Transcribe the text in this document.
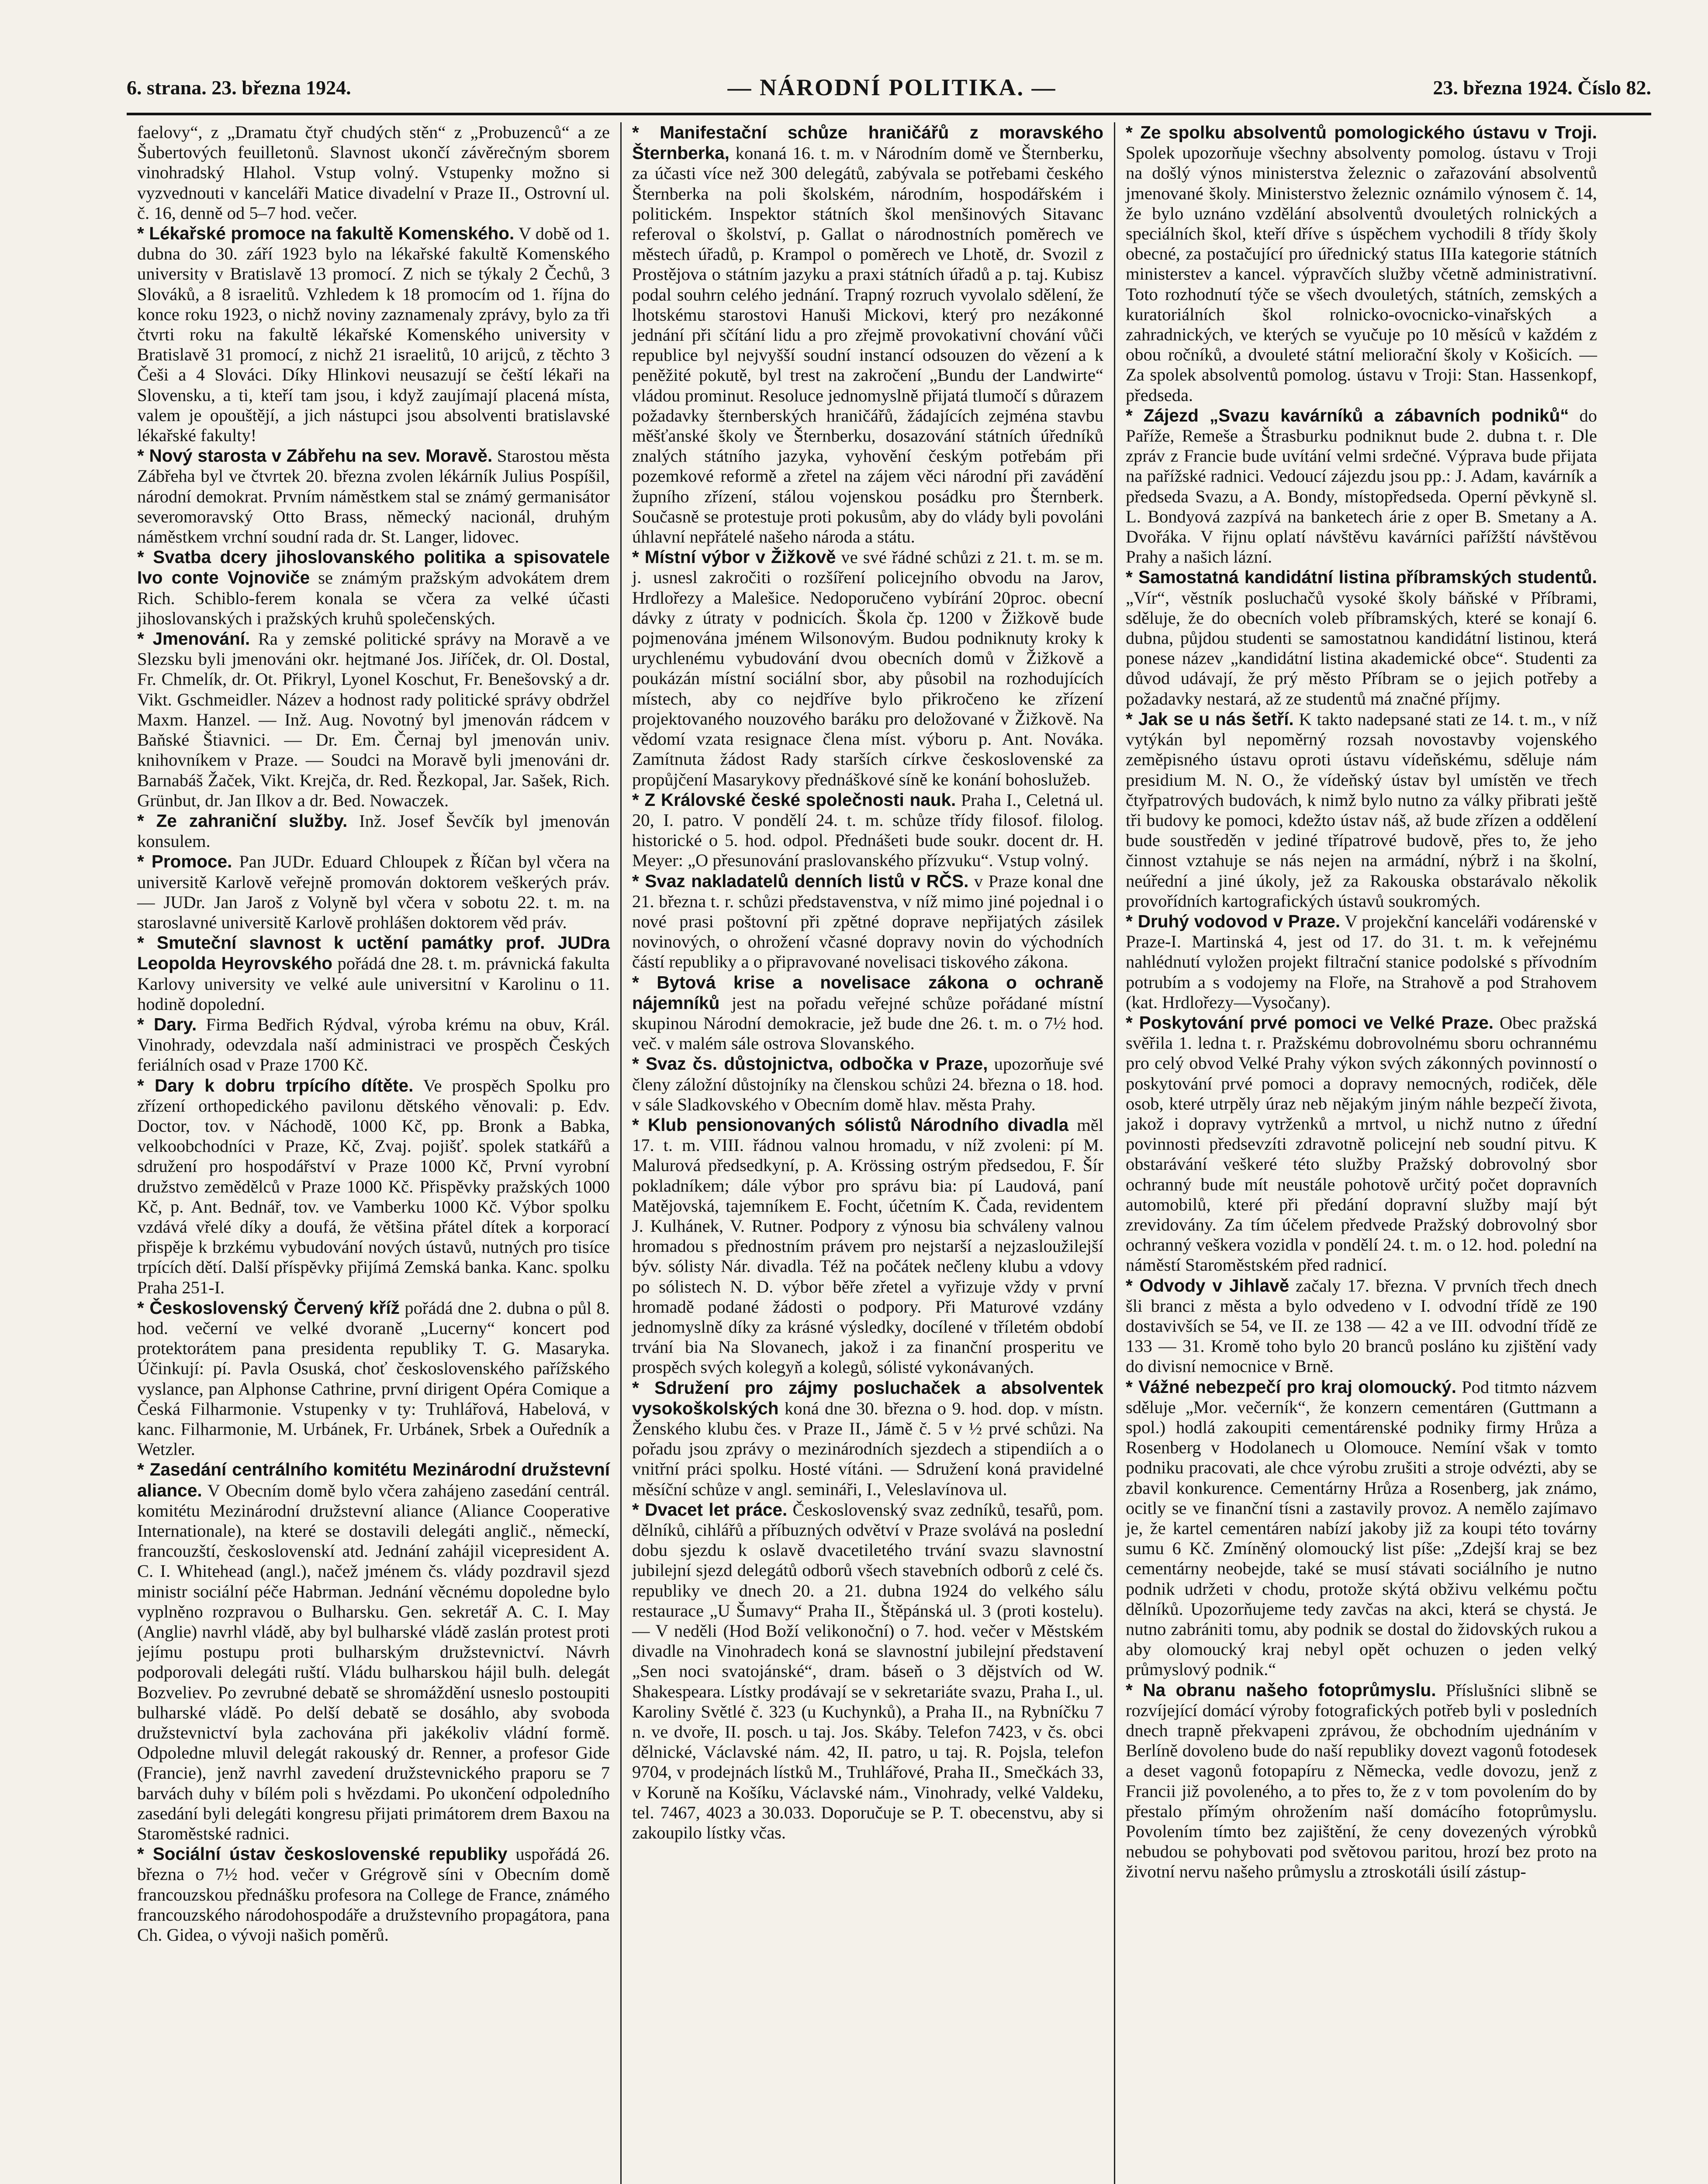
6. strana. 23. března 1924.	— NÁRODNÍ POLITIKA. —	23. března 1924. Číslo 82.

faelovy“, z „Dramatu čtyř chudých stěn“ z „Probuzenců“ a ze Šubertových feuilletonů. Slavnost ukončí závěrečným sborem vinohradský Hlahol. Vstup volný. Vstupenky možno si vyzvednouti v kanceláři Matice divadelní v Praze II., Ostrovní ul. č. 16, denně od 5–7 hod. večer.

* Lékařské promoce na fakultě Komenského. V době od 1. dubna do 30. září 1923 bylo na lékařské fakultě Komenského university v Bratislavě 13 promocí. Z nich se týkaly 2 Čechů, 3 Slováků, a 8 israelitů. Vzhledem k 18 promocím od 1. října do konce roku 1923, o nichž noviny zaznamenaly zprávy, bylo za tři čtvrti roku na fakultě lékařské Komenského university v Bratislavě 31 promocí, z nichž 21 israelitů, 10 arijců, z těchto 3 Češi a 4 Slováci. Díky Hlinkovi neusazují se čeští lékaři na Slovensku, a ti, kteří tam jsou, i když zaujímají placená místa, valem je opouštějí, a jich nástupci jsou absolventi bratislavské lékařské fakulty!

* Nový starosta v Zábřehu na sev. Moravě. Starostou města Zábřeha byl ve čtvrtek 20. března zvolen lékárník Julius Pospíšil, národní demokrat. Prvním náměstkem stal se známý germanisátor severomoravský Otto Brass, německý nacionál, druhým náměstkem vrchní soudní rada dr. St. Langer, lidovec.

* Svatba dcery jihoslovanského politika a spisovatele Ivo conte Vojnoviče se známým pražským advokátem drem Rich. Schiblo-ferem konala se včera za velké účasti jihoslovanských i pražských kruhů společenských.

* Jmenování. Ra y zemské politické správy na Moravě a ve Slezsku byli jmenováni okr. hejtmané Jos. Jiříček, dr. Ol. Dostal, Fr. Chmelík, dr. Ot. Přikryl, Lyonel Koschut, Fr. Benešovský a dr. Vikt. Gschmeidler. Název a hodnost rady politické správy obdržel Maxm. Hanzel. — Inž. Aug. Novotný byl jmenován rádcem v Baňské Štiavnici. — Dr. Em. Černaj byl jmenován univ. knihovníkem v Praze. — Soudci na Moravě byli jmenováni dr. Barnabáš Žaček, Vikt. Krejča, dr. Red. Řezkopal, Jar. Sašek, Rich. Grünbut, dr. Jan Ilkov a dr. Bed. Nowaczek.

* Ze zahraniční služby. Inž. Josef Ševčík byl jmenován konsulem.

* Promoce. Pan JUDr. Eduard Chloupek z Říčan byl včera na universitě Karlově veřejně promován doktorem veškerých práv. — JUDr. Jan Jaroš z Volyně byl včera v sobotu 22. t. m. na staroslavné universitě Karlově prohlášen doktorem věd práv.

* Smuteční slavnost k uctění památky prof. JUDra Leopolda Heyrovského pořádá dne 28. t. m. právnická fakulta Karlovy university ve velké aule universitní v Karolinu o 11. hodině dopolední.

* Dary. Firma Bedřich Rýdval, výroba krému na obuv, Král. Vinohrady, odevzdala naší administraci ve prospěch Českých feriálních osad v Praze 1700 Kč.

* Dary k dobru trpícího dítěte. Ve prospěch Spolku pro zřízení orthopedického pavilonu dětského věnovali: p. Edv. Doctor, tov. v Náchodě, 1000 Kč, pp. Bronk a Babka, velkoobchodníci v Praze, Kč, Zvaj. pojišť. spolek statkářů a sdružení pro hospodářství v Praze 1000 Kč, První vyrobní družstvo zemědělců v Praze 1000 Kč. Přispěvky pražských 1000 Kč, p. Ant. Bednář, tov. ve Vamberku 1000 Kč. Výbor spolku vzdává vřelé díky a doufá, že většina přátel dítek a korporací přispěje k brzkému vybudování nových ústavů, nutných pro tisíce trpících dětí. Další příspěvky přijímá Zemská banka. Kanc. spolku Praha 251-I.

* Československý Červený kříž pořádá dne 2. dubna o půl 8. hod. večerní ve velké dvoraně „Lucerny“ koncert pod protektorátem pana presidenta republiky T. G. Masaryka. Účinkují: pí. Pavla Osuská, choť československého pařížského vyslance, pan Alphonse Cathrine, první dirigent Opéra Comique a Česká Filharmonie. Vstupenky v ty: Truhlářová, Habelová, v kanc. Filharmonie, M. Urbánek, Fr. Urbánek, Srbek a Ouředník a Wetzler.

* Zasedání centrálního komitétu Mezinárodní družstevní aliance. V Obecním domě bylo včera zahájeno zasedání centrál. komitétu Mezinárodní družstevní aliance (Aliance Cooperative Internationale), na které se dostavili delegáti anglič., německí, francouzští, československí atd. Jednání zahájil vicepresident A. C. I. Whitehead (angl.), načež jménem čs. vlády pozdravil sjezd ministr sociální péče Habrman. Jednání věcnému dopoledne bylo vyplněno rozpravou o Bulharsku. Gen. sekretář A. C. I. May (Anglie) navrhl vládě, aby byl bulharské vládě zaslán protest proti jejímu postupu proti bulharským družstevnictví. Návrh podporovali delegáti ruští. Vládu bulharskou hájil bulh. delegát Bozveliev. Po zevrubné debatě se shromáždění usneslo postoupiti bulharské vládě. Po delší debatě se dosáhlo, aby svoboda družstevnictví byla zachována při jakékoliv vládní formě. Odpoledne mluvil delegát rakouský dr. Renner, a profesor Gide (Francie), jenž navrhl zavedení družstevnického praporu se 7 barvách duhy v bílém poli s hvězdami. Po ukončení odpoledního zasedání byli delegáti kongresu přijati primátorem drem Baxou na Staroměstské radnici.

* Sociální ústav československé republiky uspořádá 26. března o 7½ hod. večer v Grégrově síni v Obecním domě francouzskou přednášku profesora na College de France, známého francouzského národohospodáře a družstevního propagátora, pana Ch. Gidea, o vývoji našich poměrů.

* Manifestační schůze hraničářů z moravského Šternberka, konaná 16. t. m. v Národním domě ve Šternberku, za účasti více než 300 delegátů, zabývala se potřebami českého Šternberka na poli školském, národním, hospodářském i politickém. Inspektor státních škol menšinových Sitavanc referoval o školství, p. Gallat o národnostních poměrech ve městech úřadů, p. Krampol o poměrech ve Lhotě, dr. Svozil z Prostějova o státním jazyku a praxi státních úřadů a p. taj. Kubisz podal souhrn celého jednání. Trapný rozruch vyvolalo sdělení, že lhotskému starostovi Hanuši Mickovi, který pro nezákonné jednání při sčítání lidu a pro zřejmě provokativní chování vůči republice byl nejvyšší soudní instancí odsouzen do vězení a k peněžité pokutě, byl trest na zakročení „Bundu der Landwirte“ vládou prominut. Resoluce jednomyslně přijatá tlumočí s důrazem požadavky šternberských hraničářů, žádajících zejména stavbu měšťanské školy ve Šternberku, dosazování státních úředníků znalých státního jazyka, vyhovění českým potřebám při pozemkové reformě a zřetel na zájem věci národní při zavádění župního zřízení, stálou vojenskou posádku pro Šternberk. Současně se protestuje proti pokusům, aby do vlády byli povoláni úhlavní nepřátelé našeho národa a státu.

* Místní výbor v Žižkově ve své řádné schůzi z 21. t. m. se m. j. usnesl zakročiti o rozšíření policejního obvodu na Jarov, Hrdlořezy a Malešice. Nedoporučeno vybírání 20proc. obecní dávky z útraty v podnicích. Škola čp. 1200 v Žižkově bude pojmenována jménem Wilsonovým. Budou podniknuty kroky k urychlenému vybudování dvou obecních domů v Žižkově a poukázán místní sociální sbor, aby působil na rozhodujících místech, aby co nejdříve bylo přikročeno ke zřízení projektovaného nouzového baráku pro deložované v Žižkově. Na vědomí vzata resignace člena míst. výboru p. Ant. Nováka. Zamítnuta žádost Rady starších církve československé za propůjčení Masarykovy přednáškové síně ke konání bohoslužeb.

* Z Královské české společnosti nauk. Praha I., Celetná ul. 20, I. patro. V pondělí 24. t. m. schůze třídy filosof. filolog. historické o 5. hod. odpol. Přednášeti bude soukr. docent dr. H. Meyer: „O přesunování praslovanského přízvuku“. Vstup volný.

* Svaz nakladatelů denních listů v RČS. v Praze konal dne 21. března t. r. schůzi představenstva, v níž mimo jiné pojednal i o nové prasi poštovní při zpětné doprave nepřijatých zásilek novinových, o ohrožení včasné dopravy novin do východních částí republiky a o připravované novelisaci tiskového zákona.

* Bytová krise a novelisace zákona o ochraně nájemníků jest na pořadu veřejné schůze pořádané místní skupinou Národní demokracie, jež bude dne 26. t. m. o 7½ hod. več. v malém sále ostrova Slovanského.

* Svaz čs. důstojnictva, odbočka v Praze, upozorňuje své členy záložní důstojníky na členskou schůzi 24. března o 18. hod. v sále Sladkovského v Obecním domě hlav. města Prahy.

* Klub pensionovaných sólistů Národního divadla měl 17. t. m. VIII. řádnou valnou hromadu, v níž zvoleni: pí M. Malurová předsedkyní, p. A. Krössing ostrým předsedou, F. Šír pokladníkem; dále výbor pro správu bia: pí Laudová, paní Matějovská, tajemníkem E. Focht, účetním K. Čada, revidentem J. Kulhánek, V. Rutner. Podpory z výnosu bia schváleny valnou hromadou s přednostním právem pro nejstarší a nejzasloužilejší býv. sólisty Nár. divadla. Též na počátek nečleny klubu a vdovy po sólistech N. D. výbor běře zřetel a vyřizuje vždy v první hromadě podané žádosti o podpory. Při Maturové vzdány jednomyslně díky za krásné výsledky, docílené v tříletém období trvání bia Na Slovanech, jakož i za finanční prosperitu ve prospěch svých kolegyň a kolegů, sólisté vykonávaných.

* Sdružení pro zájmy posluchaček a absolventek vysokoškolských koná dne 30. března o 9. hod. dop. v místn. Ženského klubu čes. v Praze II., Jámě č. 5 v ½ prvé schůzi. Na pořadu jsou zprávy o mezinárodních sjezdech a stipendiích a o vnitřní práci spolku. Hosté vítáni. — Sdružení koná pravidelné měsíční schůze v angl. semináři, I., Veleslavínova ul.

* Dvacet let práce. Československý svaz zedníků, tesařů, pom. dělníků, cihlářů a příbuzných odvětví v Praze svolává na poslední dobu sjezdu k oslavě dvacetiletého trvání svazu slavnostní jubilejní sjezd delegátů odborů všech stavebních odborů z celé čs. republiky ve dnech 20. a 21. dubna 1924 do velkého sálu restaurace „U Šumavy“ Praha II., Štěpánská ul. 3 (proti kostelu). — V neděli (Hod Boží velikonoční) o 7. hod. večer v Městském divadle na Vinohradech koná se slavnostní jubilejní představení „Sen noci svatojánské“, dram. báseň o 3 dějstvích od W. Shakespeara. Lístky prodávají se v sekretariáte svazu, Praha I., ul. Karoliny Světlé č. 323 (u Kuchynků), a Praha II., na Rybníčku 7 n. ve dvoře, II. posch. u taj. Jos. Skáby. Telefon 7423, v čs. obci dělnické, Václavské nám. 42, II. patro, u taj. R. Pojsla, telefon 9704, v prodejnách lístků M., Truhlářové, Praha II., Smečkách 33, v Koruně na Košíku, Václavské nám., Vinohrady, velké Valdeku, tel. 7467, 4023 a 30.033. Doporučuje se P. T. obecenstvu, aby si zakoupilo lístky včas.

* Ze spolku absolventů pomologického ústavu v Troji. Spolek upozorňuje všechny absolventy pomolog. ústavu v Troji na došlý výnos ministerstva železnic o zařazování absolventů jmenované školy. Ministerstvo železnic oznámilo výnosem č. 14, že bylo uznáno vzdělání absolventů dvouletých rolnických a speciálních škol, kteří dříve s úspěchem vychodili 8 třídy školy obecné, za postačující pro úřednický status IIIa kategorie státních ministerstev a kancel. výpravčích služby včetně administrativní. Toto rozhodnutí týče se všech dvouletých, státních, zemských a kuratoriálních škol rolnicko-ovocnicko-vinařských a zahradnických, ve kterých se vyučuje po 10 měsíců v každém z obou ročníků, a dvouleté státní meliorační školy v Košicích. — Za spolek absolventů pomolog. ústavu v Troji: Stan. Hassenkopf, předseda.

* Zájezd „Svazu kavárníků a zábavních podniků“ do Paříže, Remeše a Štrasburku podniknut bude 2. dubna t. r. Dle zpráv z Francie bude uvítání velmi srdečné. Výprava bude přijata na pařížské radnici. Vedoucí zájezdu jsou pp.: J. Adam, kavárník a předseda Svazu, a A. Bondy, místopředseda. Operní pěvkyně sl. L. Bondyová zazpívá na banketech árie z oper B. Smetany a A. Dvořáka. V řijnu oplatí návštěvu kavárníci pařížští návštěvou Prahy a našich lázní.

* Samostatná kandidátní listina příbramských studentů. „Vír“, věstník posluchačů vysoké školy báňské v Příbrami, sděluje, že do obecních voleb příbramských, které se konají 6. dubna, půjdou studenti se samostatnou kandidátní listinou, která ponese název „kandidátní listina akademické obce“. Studenti za důvod udávají, že prý město Příbram se o jejich potřeby a požadavky nestará, až ze studentů má značné příjmy.

* Jak se u nás šetří. K takto nadepsané stati ze 14. t. m., v níž vytýkán byl nepoměrný rozsah novostavby vojenského zeměpisného ústavu oproti ústavu vídeňskému, sděluje nám presidium M. N. O., že vídeňský ústav byl umístěn ve třech čtyřpatrových budovách, k nimž bylo nutno za války přibrati ještě tři budovy ke pomoci, kdežto ústav náš, až bude zřízen a oddělení bude soustředěn v jediné třípatrové budově, přes to, že jeho činnost vztahuje se nás nejen na armádní, nýbrž i na školní, neúřední a jiné úkoly, jež za Rakouska obstarávalo několik provořídních kartografických ústavů soukromých.

* Druhý vodovod v Praze. V projekční kanceláři vodárenské v Praze-I. Martinská 4, jest od 17. do 31. t. m. k veřejnému nahlédnutí vyložen projekt filtrační stanice podolské s přívodním potrubím a s vodojemy na Floře, na Strahově a pod Strahovem (kat. Hrdlořezy—Vysočany).

* Poskytování prvé pomoci ve Velké Praze. Obec pražská svěřila 1. ledna t. r. Pražskému dobrovolnému sboru ochrannému pro celý obvod Velké Prahy výkon svých zákonných povinností o poskytování prvé pomoci a dopravy nemocných, rodiček, děle osob, které utrpěly úraz neb nějakým jiným náhle bezpečí života, jakož i dopravy vytrženků a mrtvol, u nichž nutno z úřední povinnosti předsevzíti zdravotně policejní neb soudní pitvu. K obstarávání veškeré této služby Pražský dobrovolný sbor ochranný bude mít neustále pohotově určitý počet dopravních automobilů, které při předání dopravní služby mají být zrevidovány. Za tím účelem předvede Pražský dobrovolný sbor ochranný veškera vozidla v pondělí 24. t. m. o 12. hod. polední na náměstí Staroměstském před radnicí.

* Odvody v Jihlavě začaly 17. března. V prvních třech dnech šli branci z města a bylo odvedeno v I. odvodní třídě ze 190 dostavivších se 54, ve II. ze 138 — 42 a ve III. odvodní třídě ze 133 — 31. Kromě toho bylo 20 branců posláno ku zjištění vady do divisní nemocnice v Brně.

* Vážné nebezpečí pro kraj olomoucký. Pod titmto názvem sděluje „Mor. večerník“, že konzern cementáren (Guttmann a spol.) hodlá zakoupiti cementárenské podniky firmy Hrůza a Rosenberg v Hodolanech u Olomouce. Nemíní však v tomto podniku pracovati, ale chce výrobu zrušiti a stroje odvézti, aby se zbavil konkurence. Cementárny Hrůza a Rosenberg, jak známo, ocitly se ve finanční tísni a zastavily provoz. A nemělo zajímavo je, že kartel cementáren nabízí jakoby již za koupi této továrny sumu 6 Kč. Zmíněný olomoucký list píše: „Zdejší kraj se bez cementárny neobejde, také se musí stávati sociálního je nutno podnik udržeti v chodu, protože skýtá obživu velkému počtu dělníků. Upozorňujeme tedy zavčas na akci, která se chystá. Je nutno zabrániti tomu, aby podnik se dostal do židovských rukou a aby olomoucký kraj nebyl opět ochuzen o jeden velký průmyslový podnik.“

* Na obranu našeho fotoprůmyslu. Příslušníci slibně se rozvíjející domácí výroby fotografických potřeb byli v posledních dnech trapně překvapeni zprávou, že obchodním ujednáním v Berlíně dovoleno bude do naší republiky dovezt vagonů fotodesek a deset vagonů fotopapíru z Německa, vedle dovozu, jenž z Francii již povoleného, a to přes to, že z v tom povolením do by přestalo přímým ohrožením naší domácího fotoprůmyslu. Povolením tímto bez zajištění, že ceny dovezených výrobků nebudou se pohybovati pod světovou paritou, hrozí bez proto na životní nervu našeho průmyslu a ztroskotáli úsilí zástup-
